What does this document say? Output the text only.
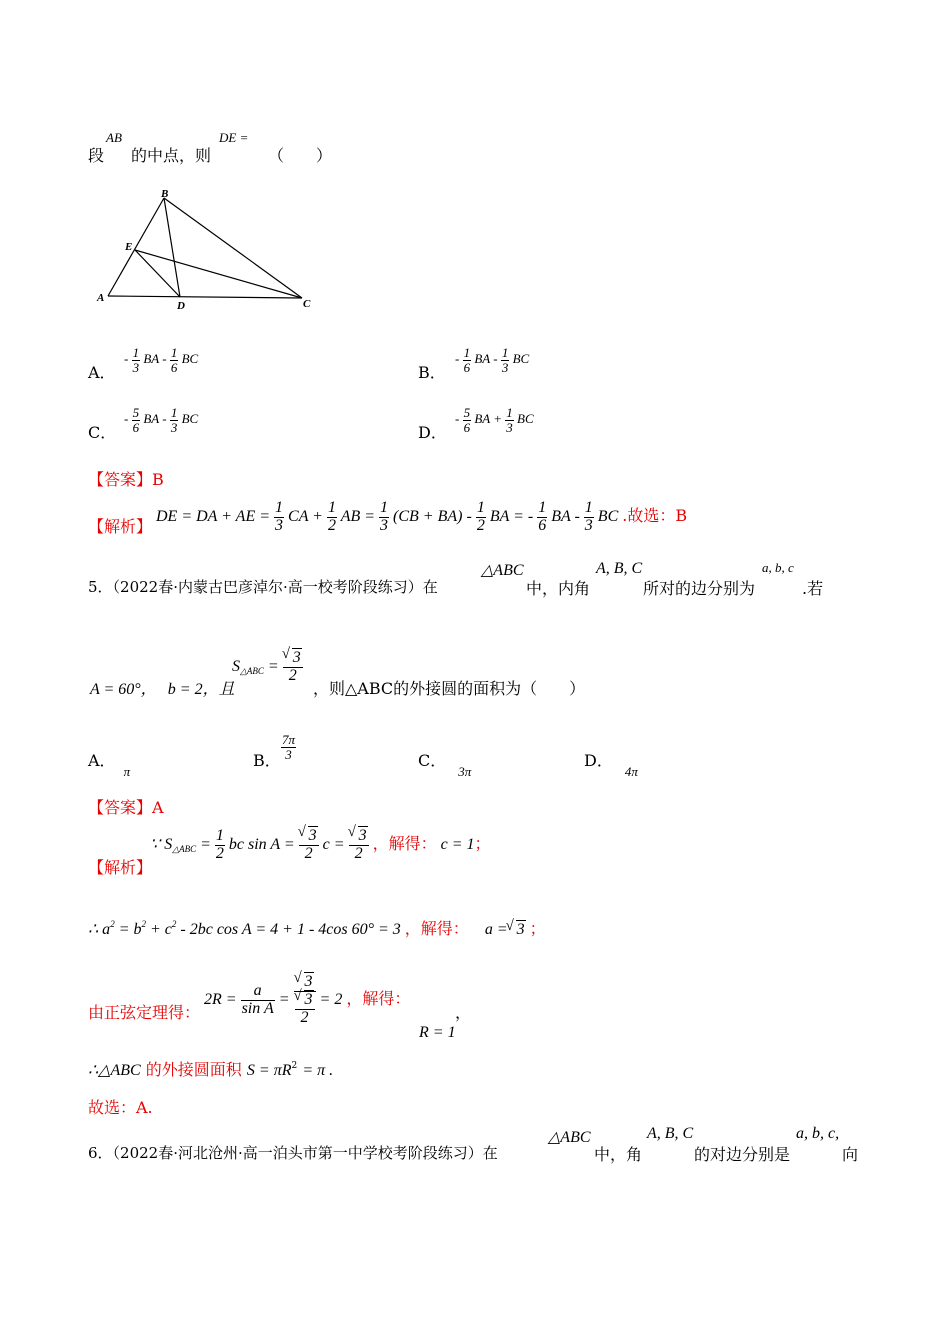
段
AB
的中点，则
DE =
（　　）
B
E
A
D	C
A．
- $\frac{1}{3}$ BA - $\frac{1}{6}$ BC
B．
- $\frac{1}{6}$ BA - $\frac{1}{3}$ BC
C．
- $\frac{5}{6}$ BA - $\frac{1}{3}$ BC
D．
- $\frac{5}{6}$ BA + $\frac{1}{3}$ BC
【答案】B
【解析】
DE = DA + AE = $\frac{1}{3}$ CA + $\frac{1}{2}$ AB = $\frac{1}{3} (CB + BA) - \frac{1}{2}$ BA = - $\frac{1}{6}$ BA - $\frac{1}{3}$ BC .故选：B
5．（2022春·内蒙古巴彦淖尔·高一校考阶段练习）在
△ABC
中，内角
A, B, C
所对的边分别为
a, b, c
.若
A = 60°， b = 2，且
$S_{\triangle ABC}$ = √ $\frac{3}{2}$
，则△ABC的外接圆的面积为（　　）
A．$_\pi$
B． $\frac{7\pi}{3}$	C．$_{3\pi}$
D．$_{4\pi}$
【答案】A
【解析】
∵ $S_{\triangle ABC} = \frac{1}{2}$ bc sin A = √ $\frac{3}{2}$ c = √ $\frac{3}{2}$ ，解得： c = 1；
∴ $a^2 = b^2 + c^2 - 2bc$ cos A = 4 + 1 - 4cos 60° = 3 ，解得： a = √ 3 ；
由正弦定理得：
$2R = \frac{a}{\text{sin A}}$ = √ 3
√ $\frac{3}{2} = 2$ ，解得：
，
R = 1
∴△ABC 的外接圆面积 $S = \pi R^2 = \pi$ .
故选：A.
6．（2022春·河北沧州·高一泊头市第一中学校考阶段练习）在
△ABC
中，角
A, B, C
的对边分别是
a, b, c,
向
